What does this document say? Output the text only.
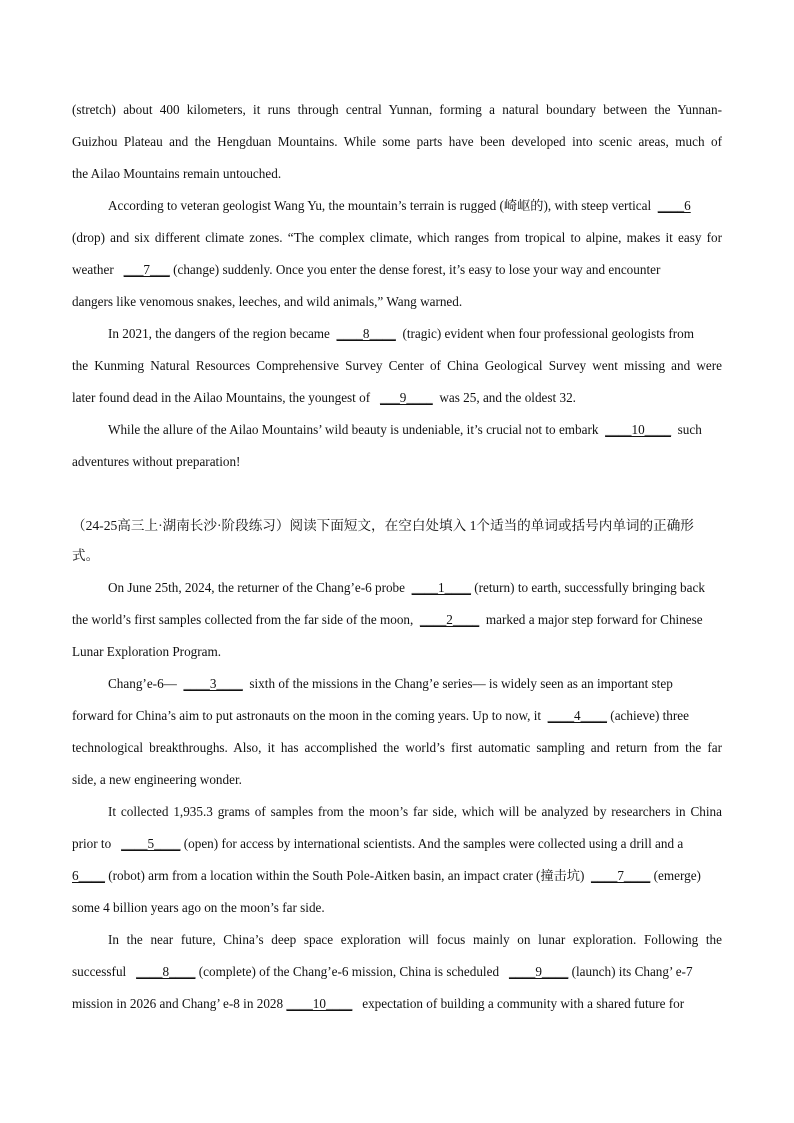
(stretch) about 400 kilometers, it runs through central Yunnan, forming a natural boundary between the Yunnan-
Guizhou Plateau and the Hengduan Mountains. While some parts have been developed into scenic areas, much of
the Ailao Mountains remain untouched.
According to veteran geologist Wang Yu, the mountain’s terrain is rugged (崎岖的), with steep vertical ____6
(drop) and six different climate zones. “The complex climate, which ranges from tropical to alpine, makes it easy for
weather ___7___ (change) suddenly. Once you enter the dense forest, it’s easy to lose your way and encounter
dangers like venomous snakes, leeches, and wild animals,” Wang warned.
In 2021, the dangers of the region became ____8____ (tragic) evident when four professional geologists from
the Kunming Natural Resources Comprehensive Survey Center of China Geological Survey went missing and were
later found dead in the Ailao Mountains, the youngest of ___9____ was 25, and the oldest 32.
While the allure of the Ailao Mountains’ wild beauty is undeniable, it’s crucial not to embark ____10____ such
adventures without preparation!
（24-25高三上·湖南长沙·阶段练习）阅读下面短文，在空白处填入 1个适当的单词或括号内单词的正确形
式。
On June 25th, 2024, the returner of the Chang’e-6 probe ____1____ (return) to earth, successfully bringing back
the world’s first samples collected from the far side of the moon, ____2____ marked a major step forward for Chinese
Lunar Exploration Program.
Chang’e-6— ____3____ sixth of the missions in the Chang’e series— is widely seen as an important step
forward for China’s aim to put astronauts on the moon in the coming years. Up to now, it ____4____ (achieve) three
technological breakthroughs. Also, it has accomplished the world’s first automatic sampling and return from the far
side, a new engineering wonder.
It collected 1,935.3 grams of samples from the moon’s far side, which will be analyzed by researchers in China
prior to ____5____ (open) for access by international scientists. And the samples were collected using a drill and a
6____ (robot) arm from a location within the South Pole-Aitken basin, an impact crater (撞击坑) ____7____ (emerge)
some 4 billion years ago on the moon’s far side.
In the near future, China’s deep space exploration will focus mainly on lunar exploration. Following the
successful ____8____ (complete) of the Chang’e-6 mission, China is scheduled ____9____ (launch) its Chang’ e-7
mission in 2026 and Chang’ e-8 in 2028 ____10____ expectation of building a community with a shared future for
